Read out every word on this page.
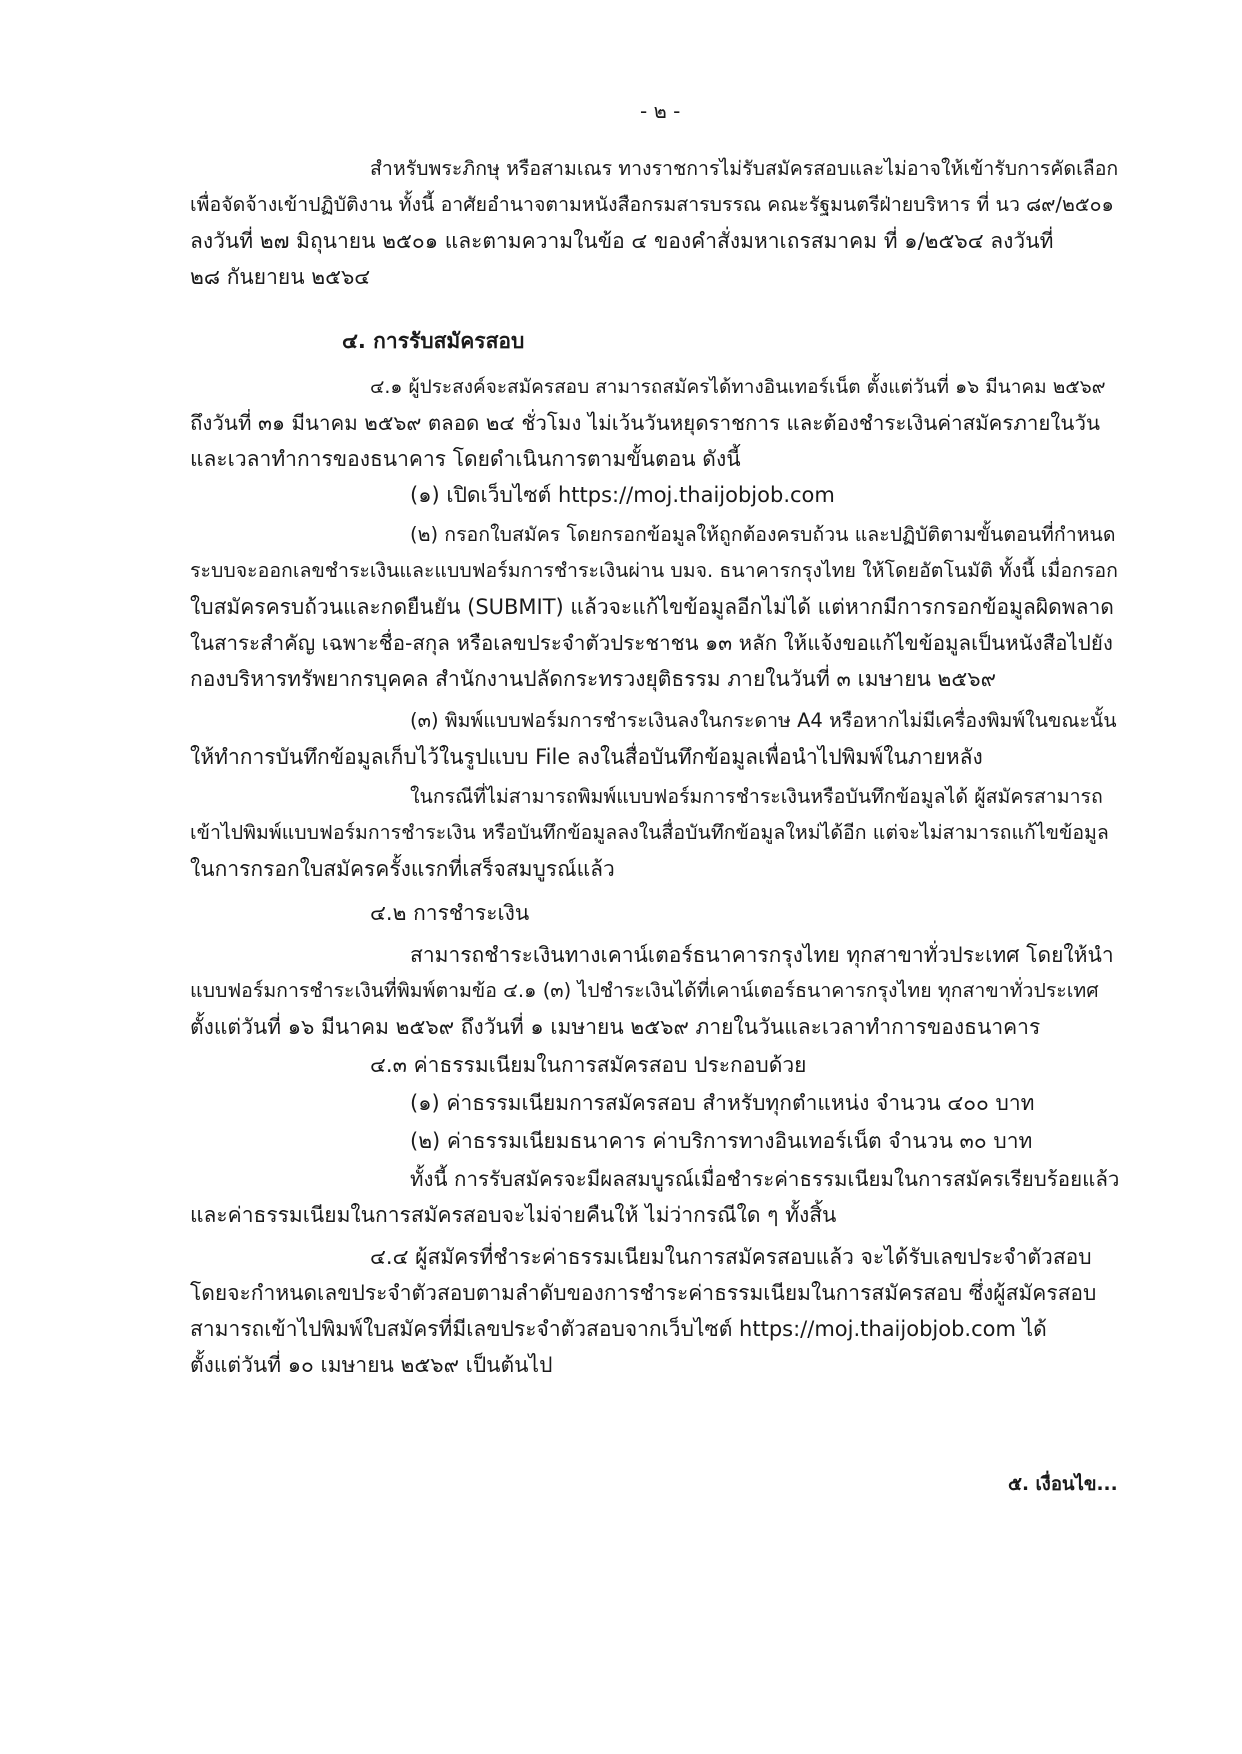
- ๒ -
สำหรับพระภิกษุ หรือสามเณร ทางราชการไม่รับสมัครสอบและไม่อาจให้เข้ารับการคัดเลือก
เพื่อจัดจ้างเข้าปฏิบัติงาน ทั้งนี้ อาศัยอำนาจตามหนังสือกรมสารบรรณ คณะรัฐมนตรีฝ่ายบริหาร ที่ นว ๘๙/๒๕๐๑
ลงวันที่ ๒๗ มิถุนายน ๒๕๐๑ และตามความในข้อ ๔ ของคำสั่งมหาเถรสมาคม ที่ ๑/๒๕๖๔ ลงวันที่
๒๘ กันยายน ๒๕๖๔
๔. การรับสมัครสอบ
๔.๑ ผู้ประสงค์จะสมัครสอบ สามารถสมัครได้ทางอินเทอร์เน็ต ตั้งแต่วันที่ ๑๖ มีนาคม ๒๕๖๙
ถึงวันที่ ๓๑ มีนาคม ๒๕๖๙ ตลอด ๒๔ ชั่วโมง ไม่เว้นวันหยุดราชการ และต้องชำระเงินค่าสมัครภายในวัน
และเวลาทำการของธนาคาร โดยดำเนินการตามขั้นตอน ดังนี้
(๑) เปิดเว็บไซต์ https://moj.thaijobjob.com
(๒) กรอกใบสมัคร โดยกรอกข้อมูลให้ถูกต้องครบถ้วน และปฏิบัติตามขั้นตอนที่กำหนด
ระบบจะออกเลขชำระเงินและแบบฟอร์มการชำระเงินผ่าน บมจ. ธนาคารกรุงไทย ให้โดยอัตโนมัติ ทั้งนี้ เมื่อกรอก
ใบสมัครครบถ้วนและกดยืนยัน (SUBMIT) แล้วจะแก้ไขข้อมูลอีกไม่ได้ แต่หากมีการกรอกข้อมูลผิดพลาด
ในสาระสำคัญ เฉพาะชื่อ-สกุล หรือเลขประจำตัวประชาชน ๑๓ หลัก ให้แจ้งขอแก้ไขข้อมูลเป็นหนังสือไปยัง
กองบริหารทรัพยากรบุคคล สำนักงานปลัดกระทรวงยุติธรรม ภายในวันที่ ๓ เมษายน ๒๕๖๙
(๓) พิมพ์แบบฟอร์มการชำระเงินลงในกระดาษ A4 หรือหากไม่มีเครื่องพิมพ์ในขณะนั้น
ให้ทำการบันทึกข้อมูลเก็บไว้ในรูปแบบ File ลงในสื่อบันทึกข้อมูลเพื่อนำไปพิมพ์ในภายหลัง
ในกรณีที่ไม่สามารถพิมพ์แบบฟอร์มการชำระเงินหรือบันทึกข้อมูลได้ ผู้สมัครสามารถ
เข้าไปพิมพ์แบบฟอร์มการชำระเงิน หรือบันทึกข้อมูลลงในสื่อบันทึกข้อมูลใหม่ได้อีก แต่จะไม่สามารถแก้ไขข้อมูล
ในการกรอกใบสมัครครั้งแรกที่เสร็จสมบูรณ์แล้ว
๔.๒ การชำระเงิน
สามารถชำระเงินทางเคาน์เตอร์ธนาคารกรุงไทย ทุกสาขาทั่วประเทศ โดยให้นำ
แบบฟอร์มการชำระเงินที่พิมพ์ตามข้อ ๔.๑ (๓) ไปชำระเงินได้ที่เคาน์เตอร์ธนาคารกรุงไทย ทุกสาขาทั่วประเทศ
ตั้งแต่วันที่ ๑๖ มีนาคม ๒๕๖๙ ถึงวันที่ ๑ เมษายน ๒๕๖๙ ภายในวันและเวลาทำการของธนาคาร
๔.๓ ค่าธรรมเนียมในการสมัครสอบ ประกอบด้วย
(๑) ค่าธรรมเนียมการสมัครสอบ สำหรับทุกตำแหน่ง จำนวน ๔๐๐ บาท
(๒) ค่าธรรมเนียมธนาคาร ค่าบริการทางอินเทอร์เน็ต จำนวน ๓๐ บาท
ทั้งนี้ การรับสมัครจะมีผลสมบูรณ์เมื่อชำระค่าธรรมเนียมในการสมัครเรียบร้อยแล้ว
และค่าธรรมเนียมในการสมัครสอบจะไม่จ่ายคืนให้ ไม่ว่ากรณีใด ๆ ทั้งสิ้น
๔.๔ ผู้สมัครที่ชำระค่าธรรมเนียมในการสมัครสอบแล้ว จะได้รับเลขประจำตัวสอบ
โดยจะกำหนดเลขประจำตัวสอบตามลำดับของการชำระค่าธรรมเนียมในการสมัครสอบ ซึ่งผู้สมัครสอบ
สามารถเข้าไปพิมพ์ใบสมัครที่มีเลขประจำตัวสอบจากเว็บไซต์ https://moj.thaijobjob.com ได้
ตั้งแต่วันที่ ๑๐ เมษายน ๒๕๖๙ เป็นต้นไป
๕. เงื่อนไข...
